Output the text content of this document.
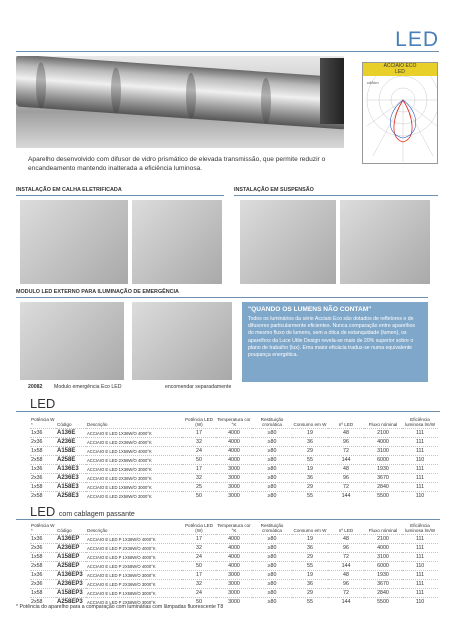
LED
ACCIAIO ECO
LED
cd/klm
Aparelho desenvolvido com difusor de vidro prismático de elevada transmissão, que permite reduzir o encandeamento mantendo inalterada a eficiência luminosa.
INSTALAÇÃO EM CALHA ELETRIFICADA	INSTALAÇÃO EM SUSPENSÃO
MODULO LED EXTERNO PARA ILUMINAÇÃO DE EMERGÊNCIA
"QUANDO OS LUMENS NÃO CONTAM"
Todos os luminários da série Acciaio Eco são dotados de refletores e de difusores particularmente eficientes. Nunca comparação entre aparelhos do mesmo fluxo de lumens, sem a ótica de estanquidade (lumen), os aparelhos da Luce Utile Design revela-se mais de 20% superior sobre o plano de trabalho (lux). Ema maior eficácia traduz-se numa equivalente poupança energética.
20082 Modulo emergência Eco LED	encomendar separadamente
LED
Potência W *	Código	Descrição	Potência LED (W)	Temperatura cor °K	Restituição cromática	Consumo em W	nº LED	Fluxo nóminal	Eficiência luminosa lm/W
1x36	A136E	ACCIAIO E LED 1X36W/O 4000°K	17	4000	≥80	19	48	2100	111
2x36	A236E	ACCIAIO E LED 2X36W/O 4000°K	32	4000	≥80	36	96	4000	111
1x58	A158E	ACCIAIO E LED 1X58W/O 4000°K	24	4000	≥80	29	72	3100	111
2x58	A258E	ACCIAIO E LED 2X58W/O 4000°K	50	4000	≥80	55	144	6000	110
1x36	A136E3	ACCIAIO E LED 1X36W/O 3000°K	17	3000	≥80	19	48	1930	111
2x36	A236E3	ACCIAIO E LED 2X36W/O 3000°K	32	3000	≥80	36	96	3670	111
1x58	A158E3	ACCIAIO E LED 1X58W/O 3000°K	25	3000	≥80	29	72	2840	111
2x58	A258E3	ACCIAIO E LED 2X58W/O 3000°K	50	3000	≥80	55	144	5500	110
LED com cablagem passante
Potência W *	Código	Descrição	Potência LED (W)	Temperatura cor °K	Restituição cromática	Consumo em W	nº LED	Fluxo nóminal	Eficiência luminosa lm/W
1x36	A136EP	ACCIAIO E LED P 1X36W/O 4000°K	17	4000	≥80	19	48	2100	111
2x36	A236EP	ACCIAIO E LED P 2X36W/O 4000°K	32	4000	≥80	36	96	4000	111
1x58	A158EP	ACCIAIO E LED P 1X58W/O 4000°K	24	4000	≥80	29	72	3100	111
2x58	A258EP	ACCIAIO E LED P 2X58W/O 4000°K	50	4000	≥80	55	144	6000	110
1x36	A136EP3	ACCIAIO E LED P 1X36W/O 3000°K	17	3000	≥80	19	48	1930	111
2x36	A236EP3	ACCIAIO E LED P 2X36W/O 3000°K	32	3000	≥80	36	96	3670	111
1x58	A158EP3	ACCIAIO E LED P 1X58W/O 3000°K	24	3000	≥80	29	72	2840	111
2x58	A258EP3	ACCIAIO E LED P 2X58W/O 3000°K	50	3000	≥80	55	144	5500	110
* Potência do aparelho para a comparação com luminárias com lâmpadas fluorescente T8
